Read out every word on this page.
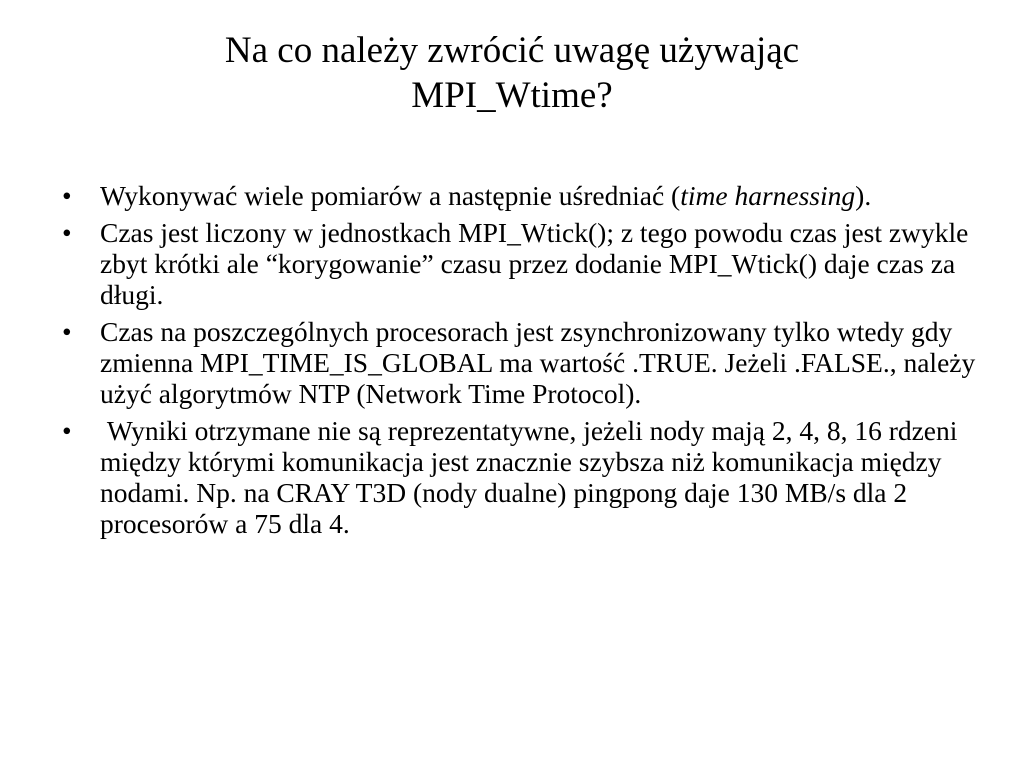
Na co należy zwrócić uwagę używając
MPI_Wtime?
• Wykonywać wiele pomiarów a następnie uśredniać (time harnessing).
• Czas jest liczony w jednostkach MPI_Wtick(); z tego powodu czas jest zwykle zbyt krótki ale “korygowanie” czasu przez dodanie MPI_Wtick() daje czas za długi.
• Czas na poszczególnych procesorach jest zsynchronizowany tylko wtedy gdy zmienna MPI_TIME_IS_GLOBAL ma wartość .TRUE. Jeżeli .FALSE., należy użyć algorytmów NTP (Network Time Protocol).
• Wyniki otrzymane nie są reprezentatywne, jeżeli nody mają 2, 4, 8, 16 rdzeni między którymi komunikacja jest znacznie szybsza niż komunikacja między nodami. Np. na CRAY T3D (nody dualne) pingpong daje 130 MB/s dla 2 procesorów a 75 dla 4.
